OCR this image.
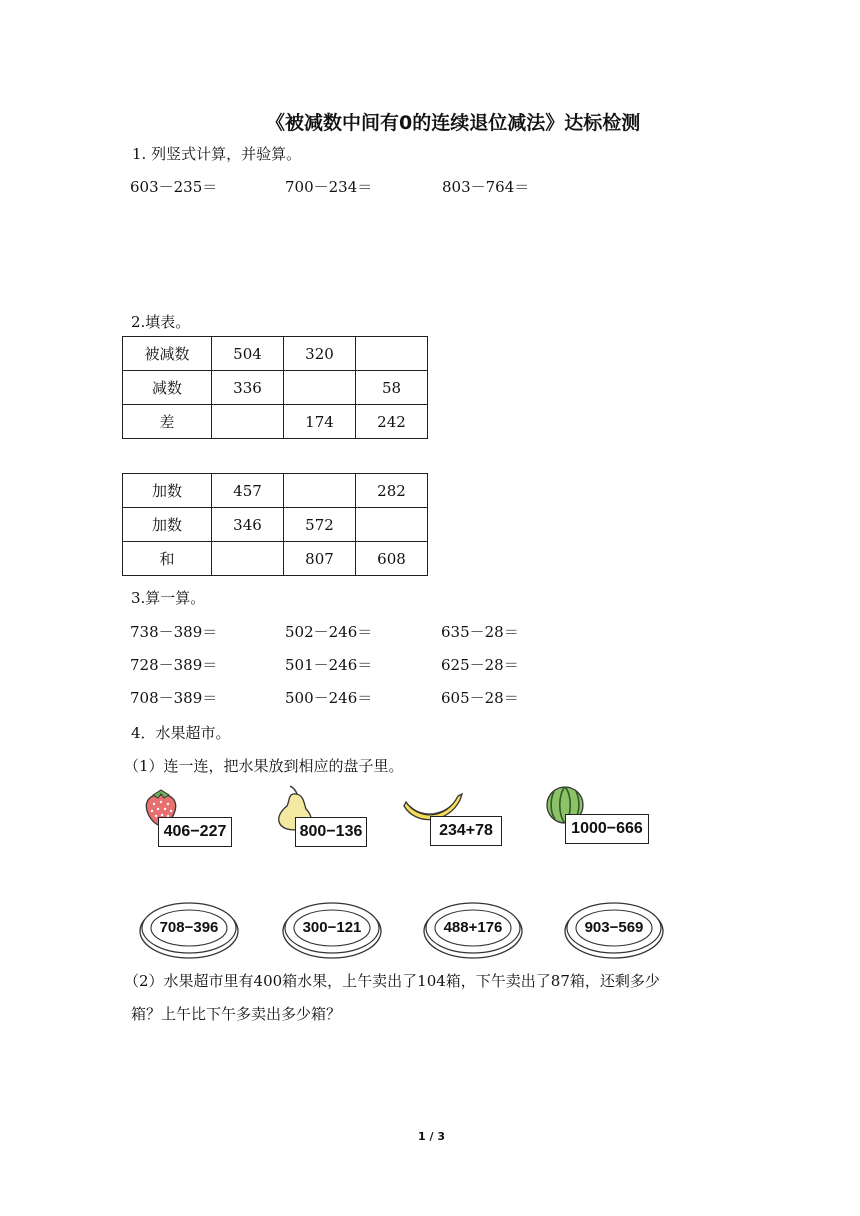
《被减数中间有0的连续退位减法》达标检测
1. 列竖式计算，并验算。
603－235＝	700－234＝	803－764＝
2.填表。
被减数	504	320	
减数	336		58
差		174	242
加数	457		282
加数	346	572	
和		807	608
3.算一算。
738－389＝	502－246＝	635－28＝
728－389＝	501－246＝	625－28＝
708－389＝	500－246＝	605－28＝
4．水果超市。
（1）连一连，把水果放到相应的盘子里。
406−227	800−136	234+78	1000−666
708−396	300−121	488+176	903−569
（2）水果超市里有400箱水果，上午卖出了104箱，下午卖出了87箱，还剩多少
箱？上午比下午多卖出多少箱？
1 / 3
